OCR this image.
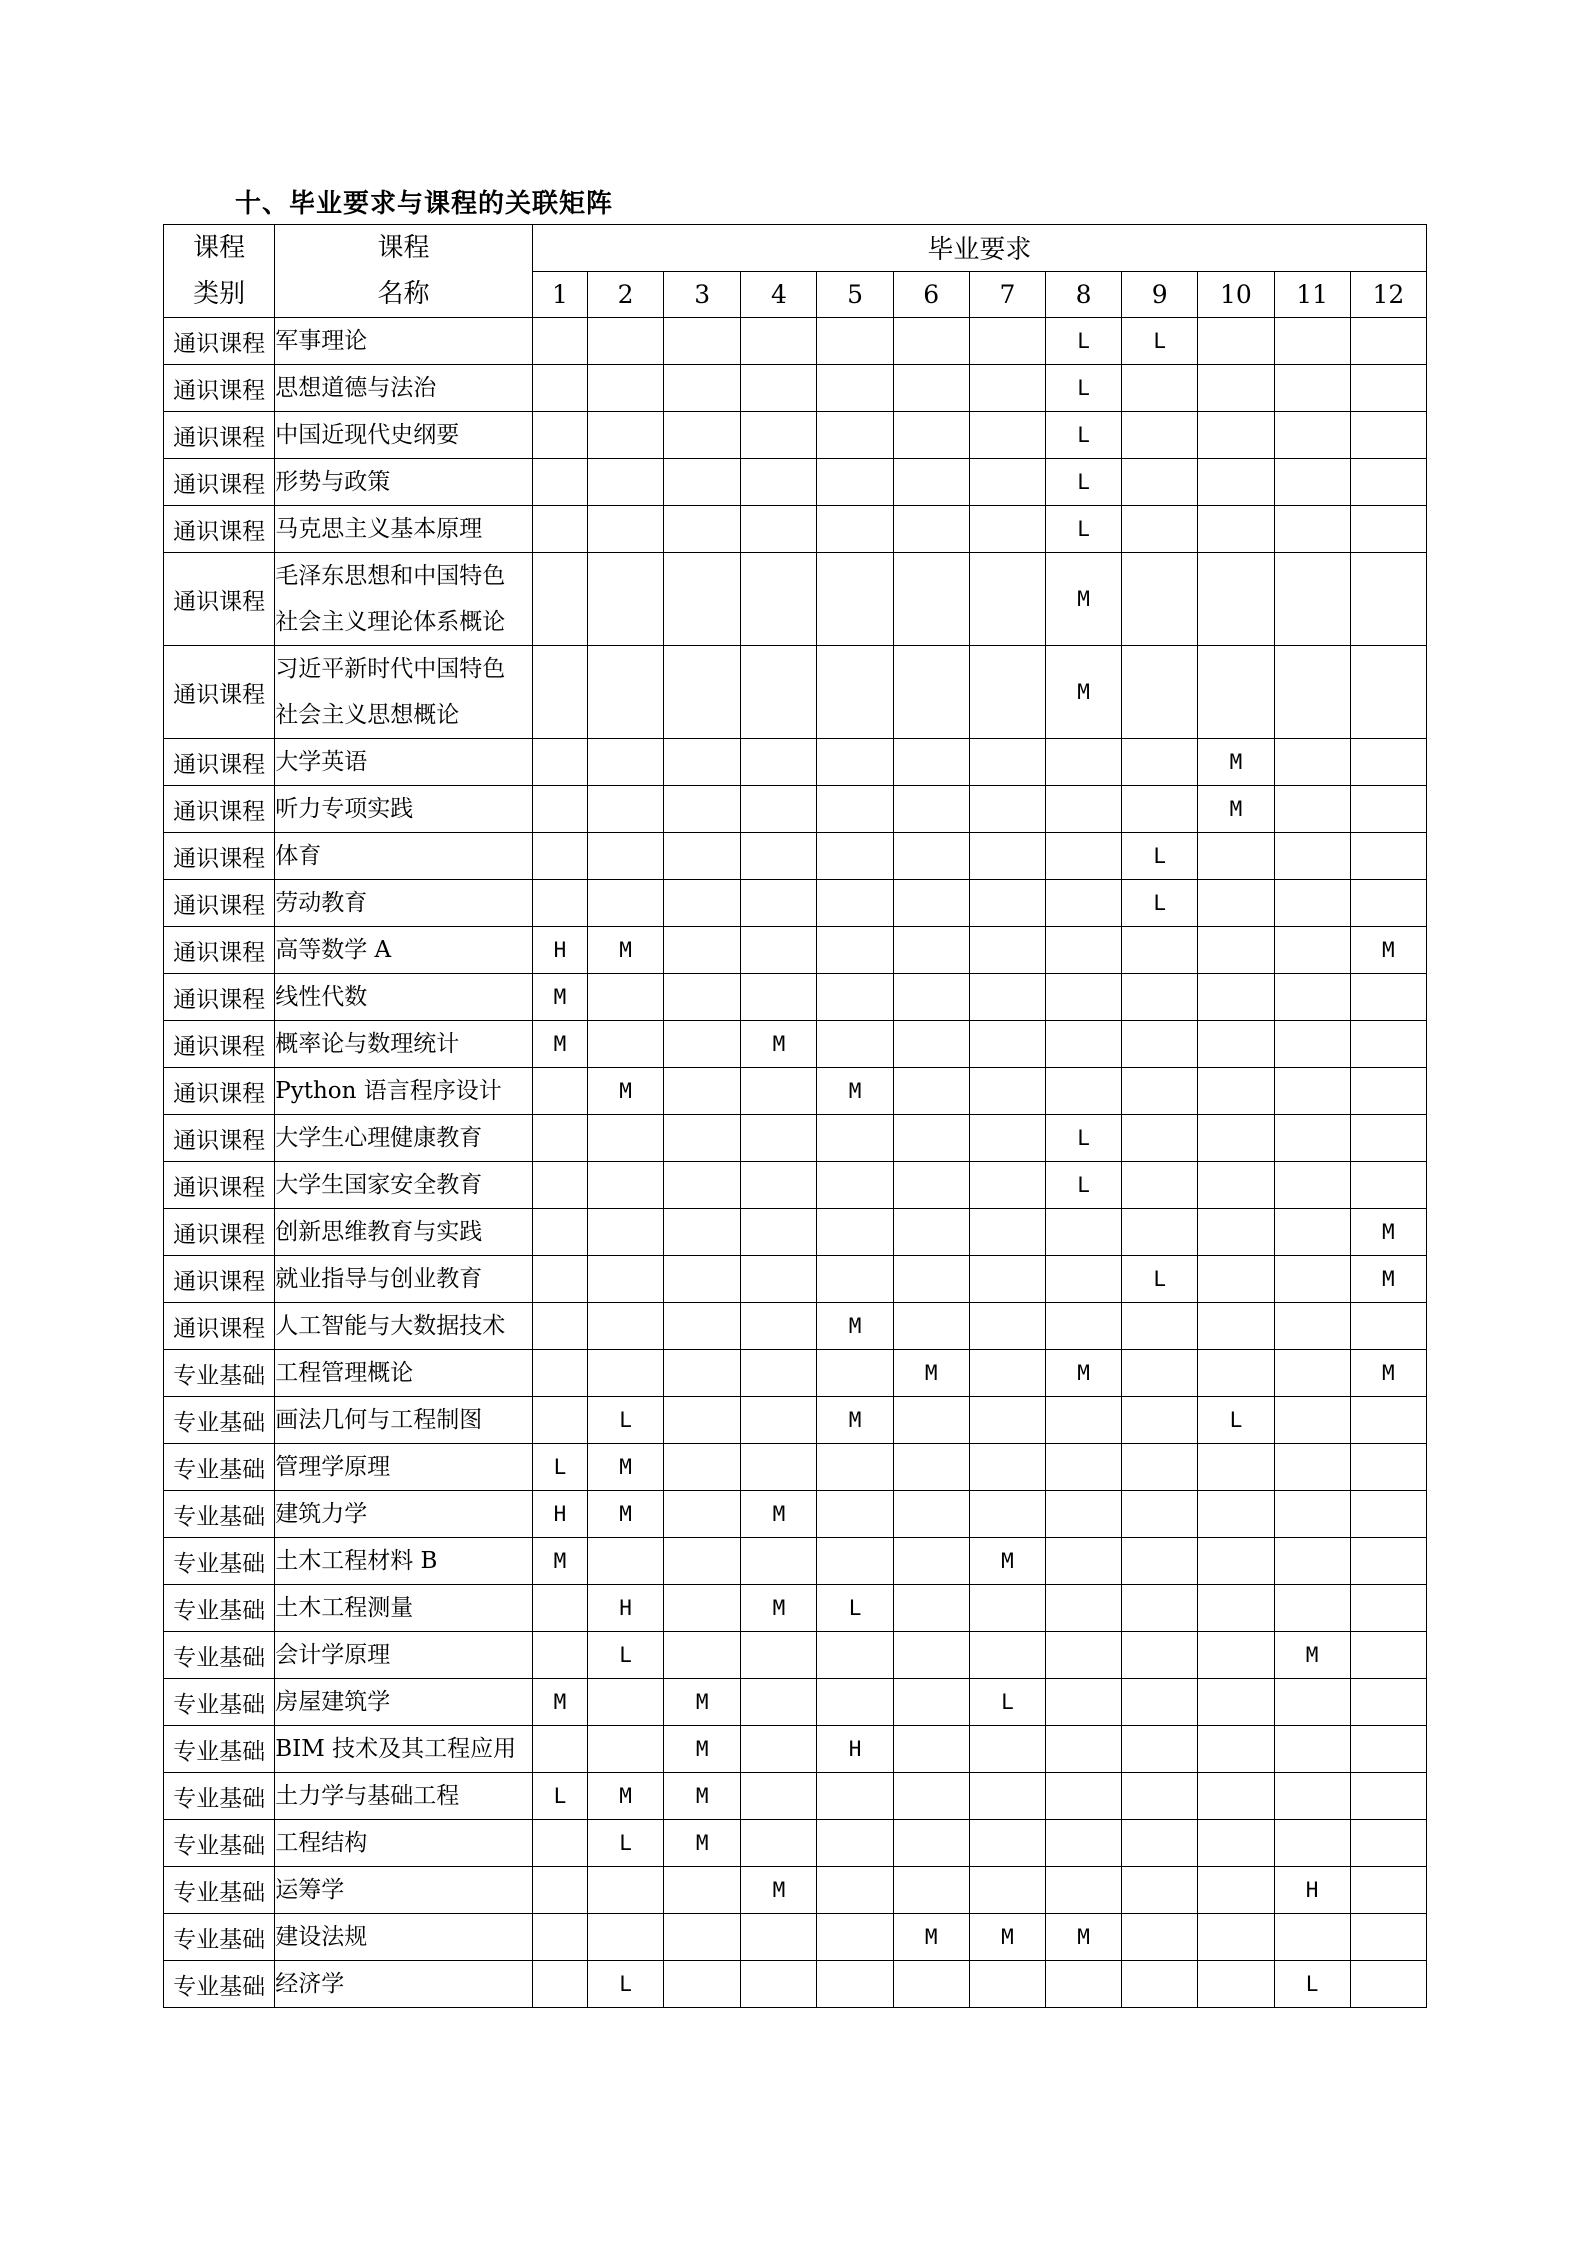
十、毕业要求与课程的关联矩阵
课程
类别	课程
名称	毕业要求											
		1	2	3	4	5	6	7	8	9	10	11	12
通识课程	军事理论								L	L			
通识课程	思想道德与法治								L				
通识课程	中国近现代史纲要								L				
通识课程	形势与政策								L				
通识课程	马克思主义基本原理								L				
通识课程	毛泽东思想和中国特色
社会主义理论体系概论								M				
通识课程	习近平新时代中国特色
社会主义思想概论								M				
通识课程	大学英语										M		
通识课程	听力专项实践										M		
通识课程	体育									L			
通识课程	劳动教育									L			
通识课程	高等数学 A	H	M										M
通识课程	线性代数	M											
通识课程	概率论与数理统计	M			M								
通识课程	Python 语言程序设计		M			M							
通识课程	大学生心理健康教育								L				
通识课程	大学生国家安全教育								L				
通识课程	创新思维教育与实践												M
通识课程	就业指导与创业教育									L			M
通识课程	人工智能与大数据技术					M							
专业基础	工程管理概论						M		M				M
专业基础	画法几何与工程制图		L			M					L		
专业基础	管理学原理	L	M										
专业基础	建筑力学	H	M		M								
专业基础	土木工程材料 B	M						M					
专业基础	土木工程测量		H		M	L							
专业基础	会计学原理		L									M	
专业基础	房屋建筑学	M		M				L					
专业基础	BIM 技术及其工程应用			M		H							
专业基础	土力学与基础工程	L	M	M									
专业基础	工程结构		L	M									
专业基础	运筹学				M							H	
专业基础	建设法规						M	M	M				
专业基础	经济学		L									L	
